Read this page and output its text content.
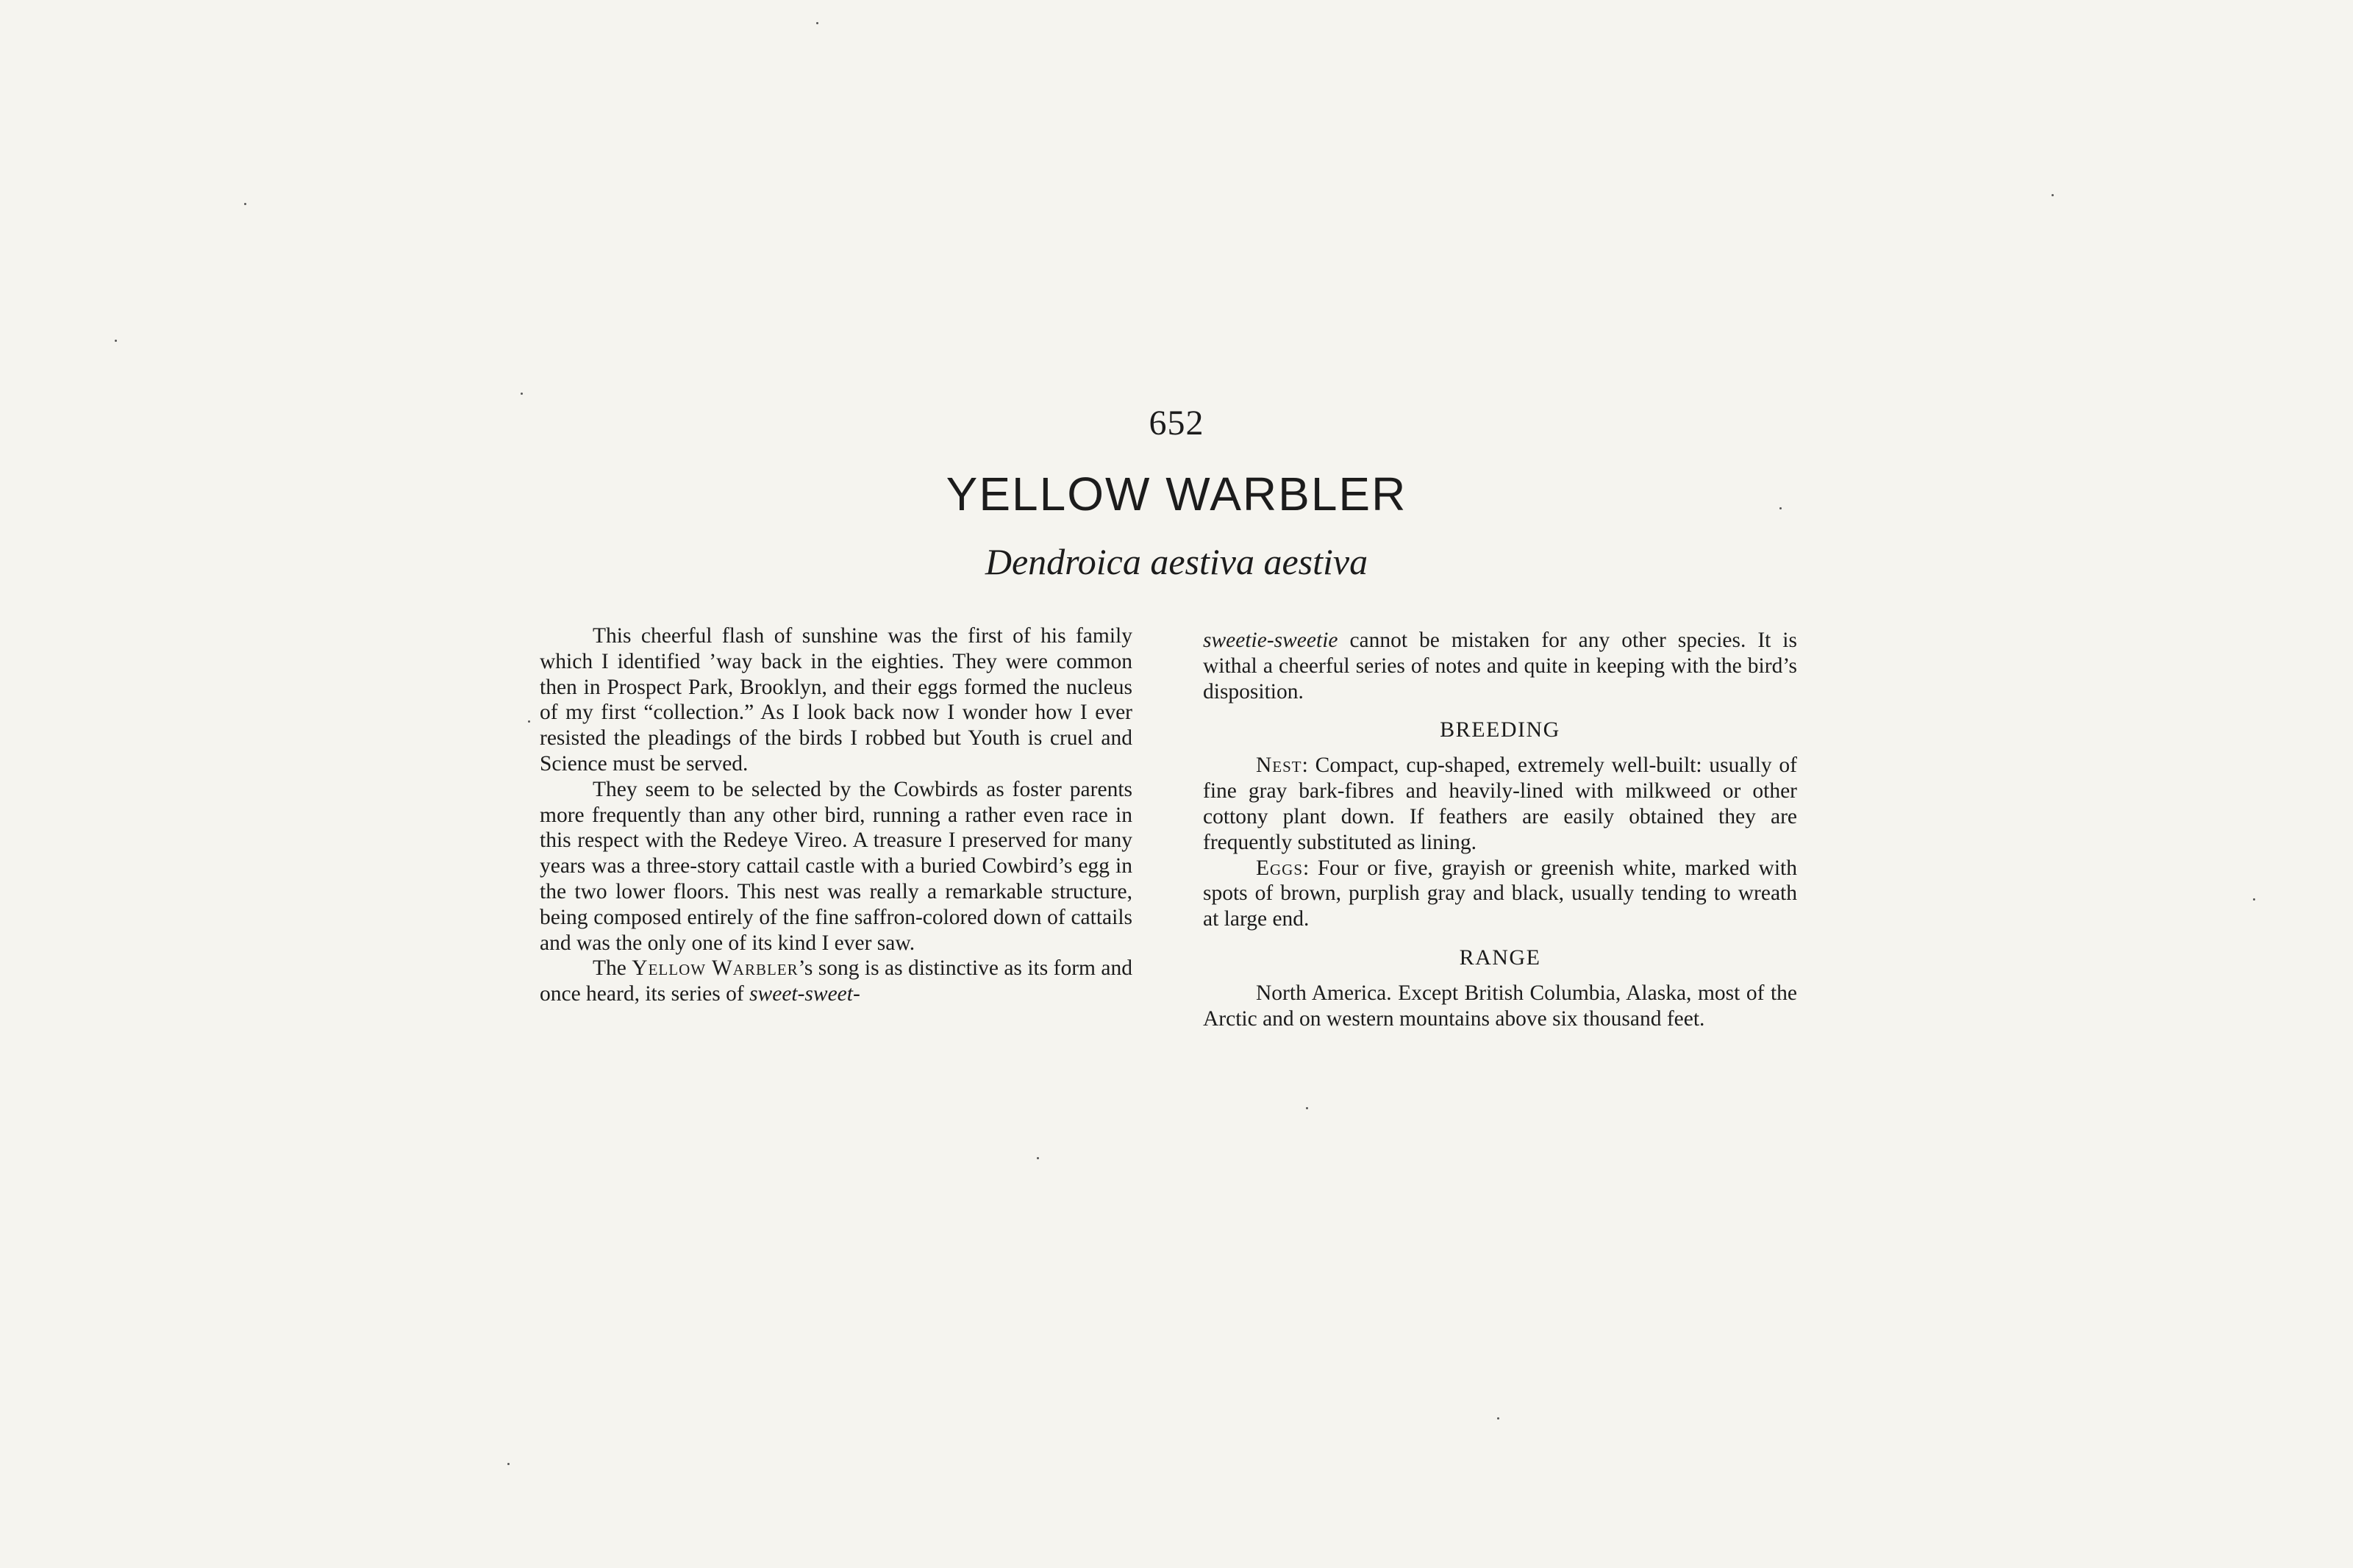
652
YELLOW WARBLER
Dendroica aestiva aestiva

This cheerful flash of sunshine was the first of his family which I identified ’way back in the eighties. They were common then in Prospect Park, Brooklyn, and their eggs formed the nucleus of my first “collection.” As I look back now I wonder how I ever resisted the pleadings of the birds I robbed but Youth is cruel and Science must be served.

They seem to be selected by the Cowbirds as foster parents more frequently than any other bird, running a rather even race in this respect with the Redeye Vireo. A treasure I preserved for many years was a three-story cattail castle with a buried Cowbird’s egg in the two lower floors. This nest was really a remarkable structure, being composed entirely of the fine saffron-colored down of cattails and was the only one of its kind I ever saw.

The Yellow Warbler’s song is as distinctive as its form and once heard, its series of sweet-sweet-

sweetie-sweetie cannot be mistaken for any other species. It is withal a cheerful series of notes and quite in keeping with the bird’s disposition.

BREEDING

Nest: Compact, cup-shaped, extremely well-built: usually of fine gray bark-fibres and heavily-lined with milkweed or other cottony plant down. If feathers are easily obtained they are frequently substituted as lining.

Eggs: Four or five, grayish or greenish white, marked with spots of brown, purplish gray and black, usually tending to wreath at large end.

RANGE

North America. Except British Columbia, Alaska, most of the Arctic and on western mountains above six thousand feet.
